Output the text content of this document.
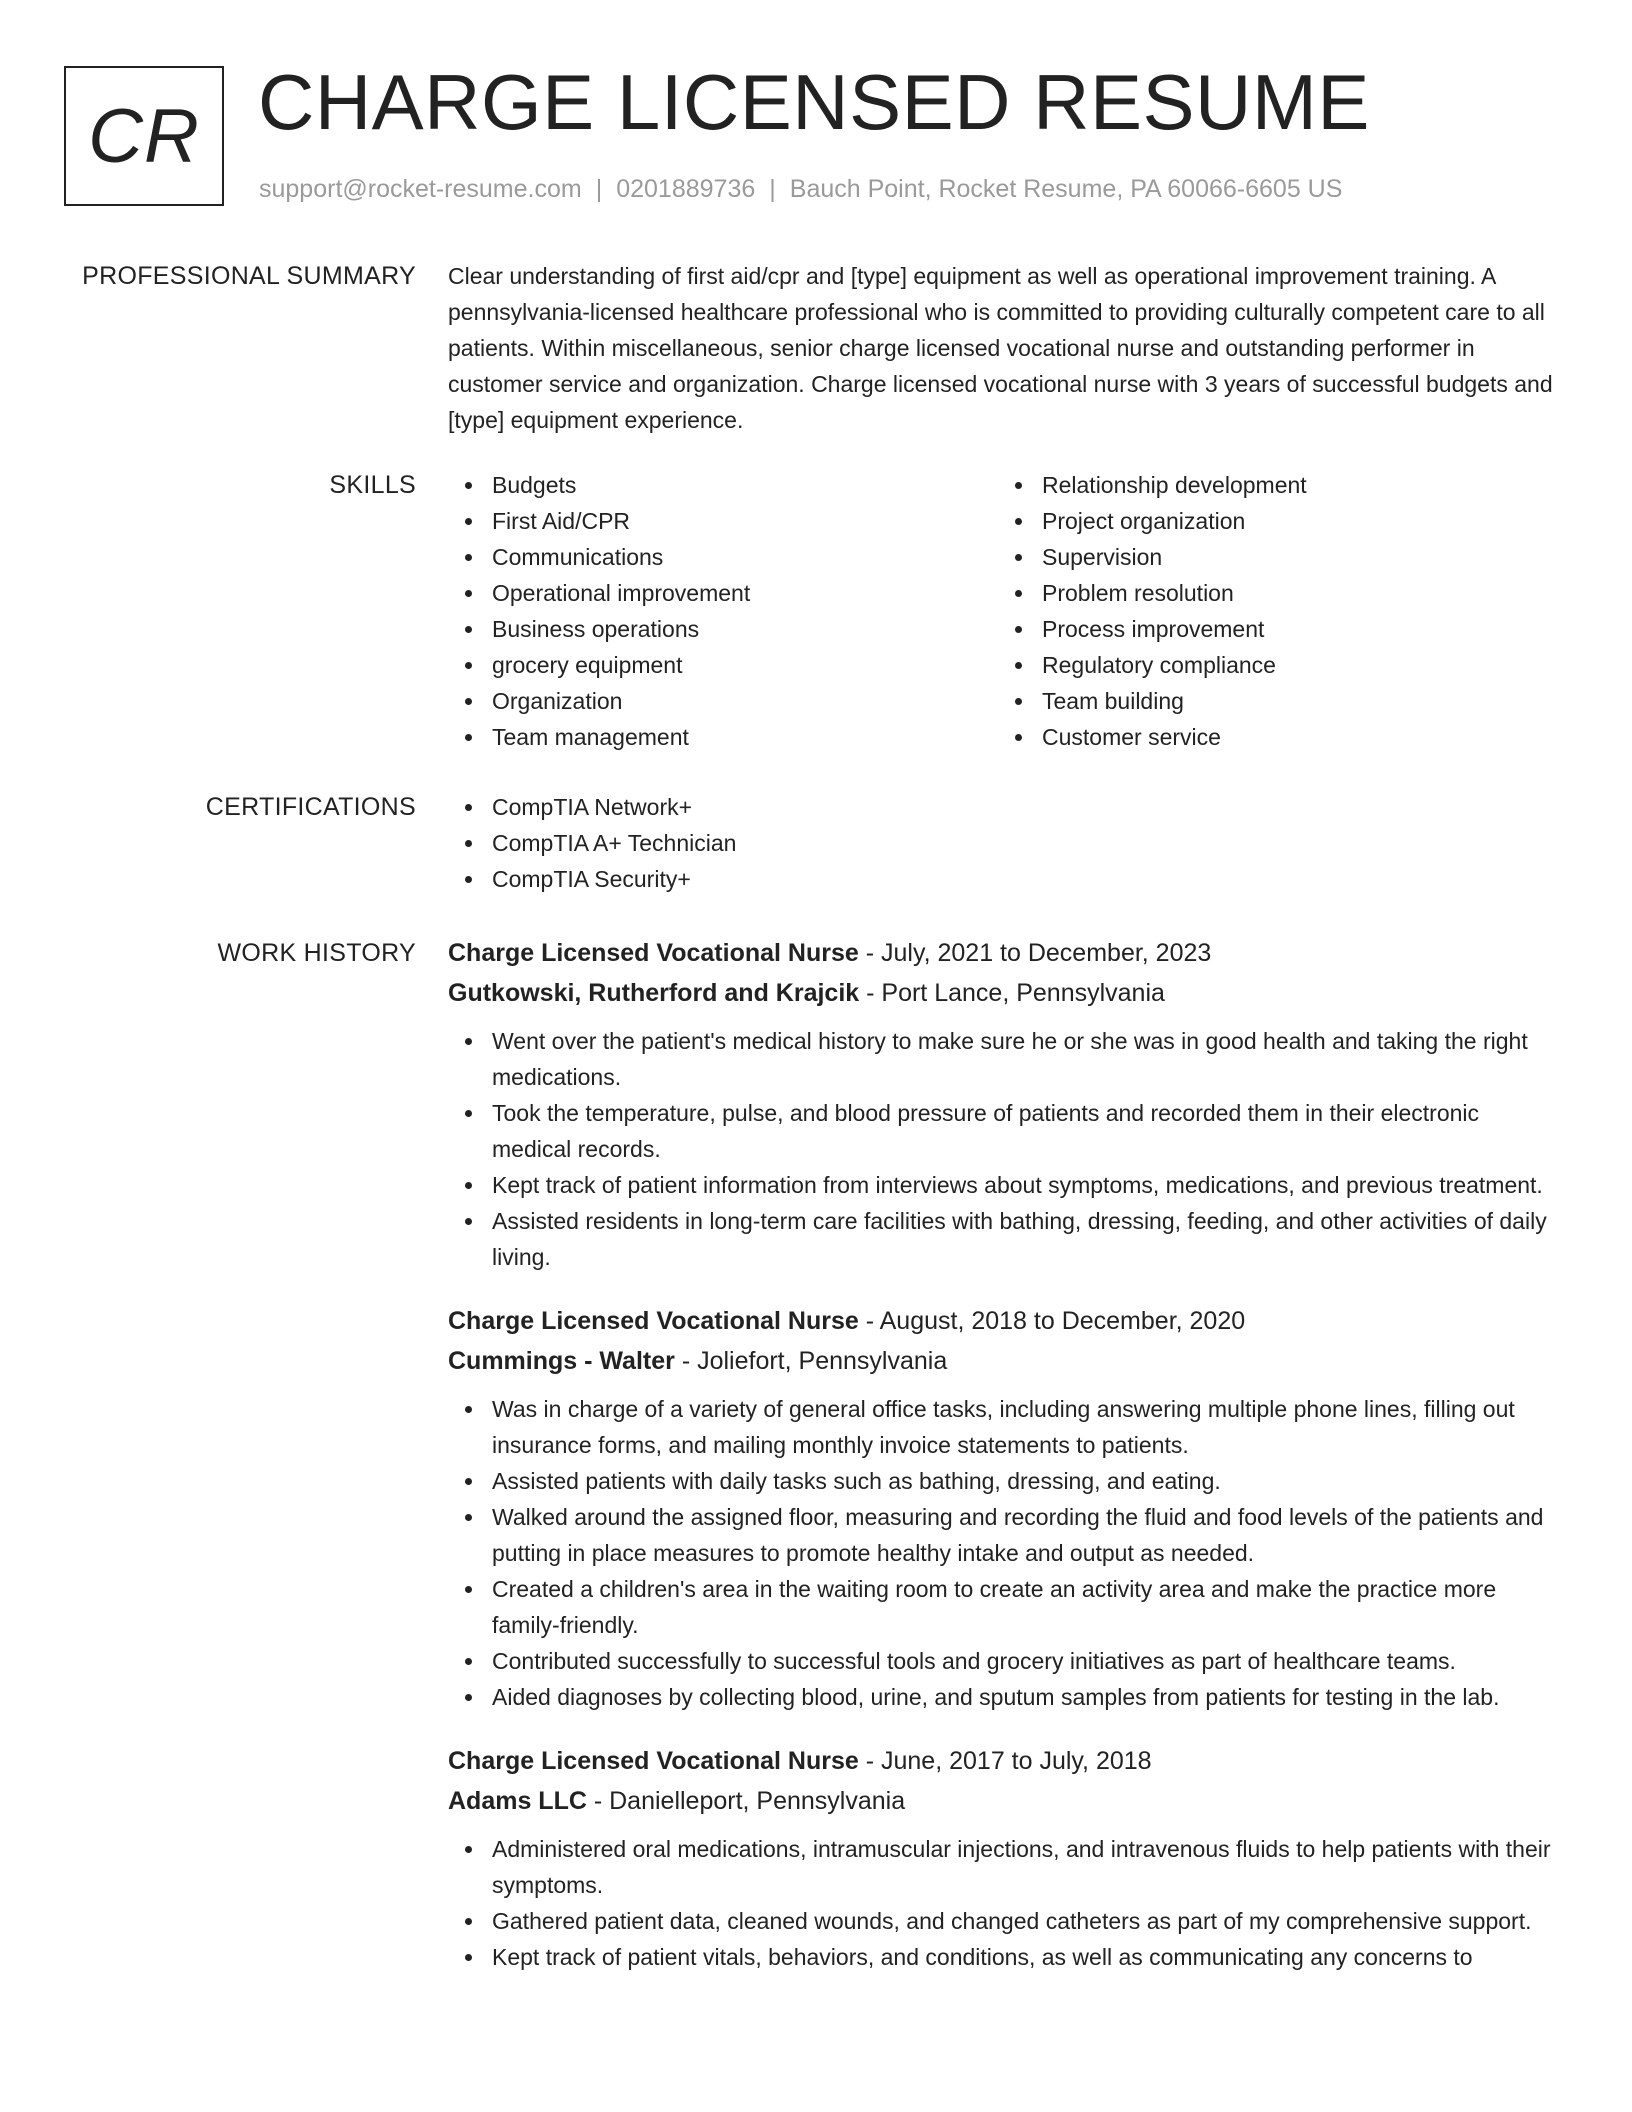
CR CHARGE LICENSED RESUME
support@rocket-resume.com | 0201889736 | Bauch Point, Rocket Resume, PA 60066-6605 US
PROFESSIONAL SUMMARY Clear understanding of first aid/cpr and [type] equipment as well as operational improvement training. A pennsylvania-licensed healthcare professional who is committed to providing culturally competent care to all patients. Within miscellaneous, senior charge licensed vocational nurse and outstanding performer in customer service and organization. Charge licensed vocational nurse with 3 years of successful budgets and [type] equipment experience.

SKILLS	Budgets
First Aid/CPR
Communications
Operational improvement
Business operations
grocery equipment
Organization
Team management
Relationship development
Project organization
Supervision
Problem resolution
Process improvement
Regulatory compliance
Team building
Customer service
CERTIFICATIONS	CompTIA Network+
CompTIA A+ Technician
CompTIA Security+
WORK HISTORY Charge Licensed Vocational Nurse - July, 2021 to December, 2023

Gutkowski, Rutherford and Krajcik - Port Lance, Pennsylvania

Went over the patient's medical history to make sure he or she was in good health and taking the right medications.
Took the temperature, pulse, and blood pressure of patients and recorded them in their electronic medical records.
Kept track of patient information from interviews about symptoms, medications, and previous treatment.
Assisted residents in long-term care facilities with bathing, dressing, feeding, and other activities of daily living.

Charge Licensed Vocational Nurse - August, 2018 to December, 2020

Cummings - Walter - Joliefort, Pennsylvania

Was in charge of a variety of general office tasks, including answering multiple phone lines, filling out insurance forms, and mailing monthly invoice statements to patients.
Assisted patients with daily tasks such as bathing, dressing, and eating.
Walked around the assigned floor, measuring and recording the fluid and food levels of the patients and putting in place measures to promote healthy intake and output as needed.
Created a children's area in the waiting room to create an activity area and make the practice more family-friendly.
Contributed successfully to successful tools and grocery initiatives as part of healthcare teams.
Aided diagnoses by collecting blood, urine, and sputum samples from patients for testing in the lab.

Charge Licensed Vocational Nurse - June, 2017 to July, 2018

Adams LLC - Danielleport, Pennsylvania

Administered oral medications, intramuscular injections, and intravenous fluids to help patients with their symptoms.
Gathered patient data, cleaned wounds, and changed catheters as part of my comprehensive support.
Kept track of patient vitals, behaviors, and conditions, as well as communicating any concerns to
